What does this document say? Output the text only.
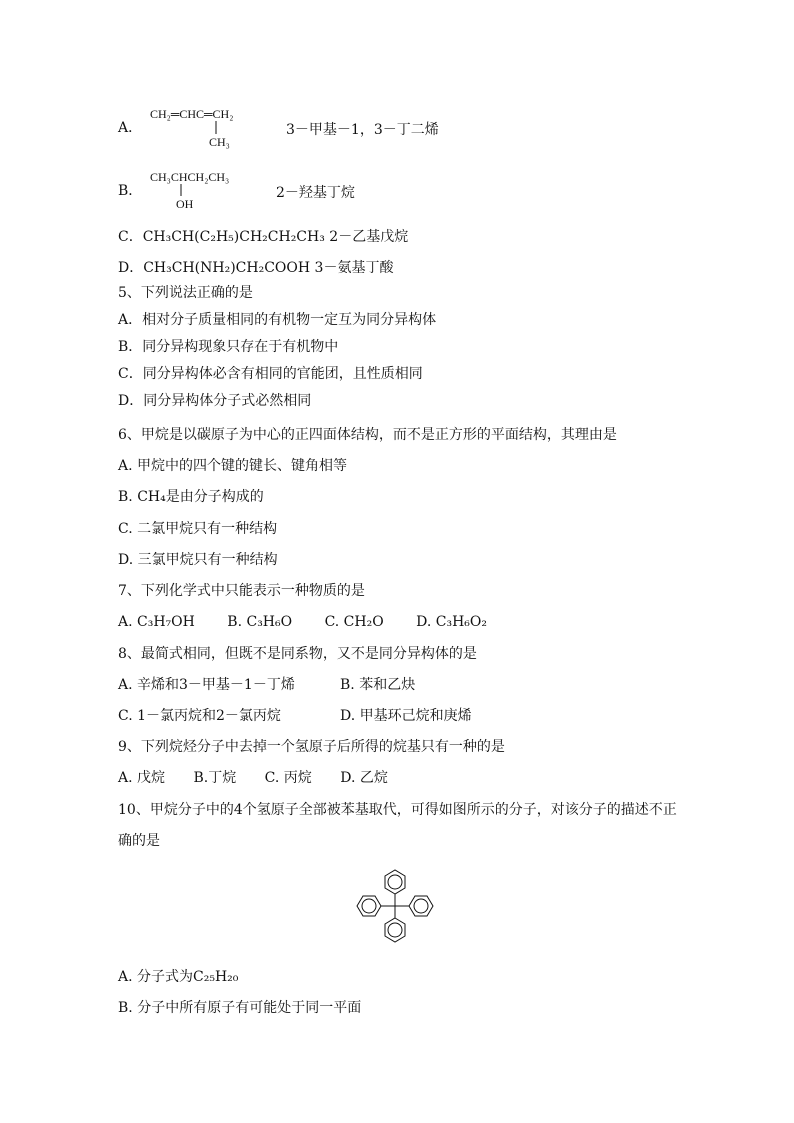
A．
CH₂═CHC═CH₂
CH₃
3－甲基－1，3－丁二烯
B．
CH₃CHCH₂CH₃
OH
2－羟基丁烷
C．CH₃CH(C₂H₅)CH₂CH₂CH₃ 2－乙基戊烷
D．CH₃CH(NH₂)CH₂COOH 3－氨基丁酸
5、下列说法正确的是
A．相对分子质量相同的有机物一定互为同分异构体
B．同分异构现象只存在于有机物中
C．同分异构体必含有相同的官能团，且性质相同
D．同分异构体分子式必然相同
6、甲烷是以碳原子为中心的正四面体结构，而不是正方形的平面结构，其理由是
A. 甲烷中的四个键的键长、键角相等
B. CH₄是由分子构成的
C. 二氯甲烷只有一种结构
D. 三氯甲烷只有一种结构
7、下列化学式中只能表示一种物质的是
A. C₃H₇OH B. C₃H₆O C. CH₂O D. C₃H₆O₂
8、最简式相同，但既不是同系物，又不是同分异构体的是
A. 辛烯和3－甲基－1－丁烯	B. 苯和乙炔
C. 1－氯丙烷和2－氯丙烷	D. 甲基环己烷和庚烯
9、下列烷烃分子中去掉一个氢原子后所得的烷基只有一种的是
A. 戊烷 B.丁烷 C. 丙烷 D. 乙烷
10、甲烷分子中的4个氢原子全部被苯基取代，可得如图所示的分子，对该分子的描述不正
确的是
A. 分子式为C₂₅H₂₀
B. 分子中所有原子有可能处于同一平面
